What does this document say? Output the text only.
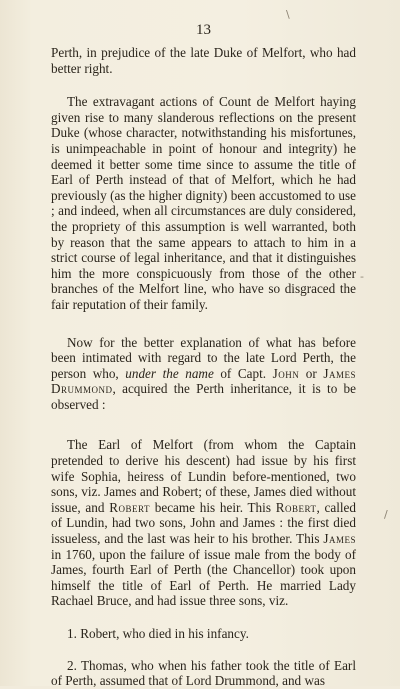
\
-
/
13

Perth, in prejudice of the late Duke of Melfort, who had better right.

The extravagant actions of Count de Melfort haying given rise to many slanderous reflections on the present Duke (whose character, notwithstanding his misfortunes, is unimpeachable in point of honour and integrity) he deemed it better some time since to assume the title of Earl of Perth instead of that of Melfort, which he had previously (as the higher dignity) been accustomed to use ; and indeed, when all circumstances are duly considered, the propriety of this assumption is well warranted, both by reason that the same appears to attach to him in a strict course of legal inheritance, and that it distinguishes him the more conspicuously from those of the other branches of the Melfort line, who have so disgraced the fair reputation of their family.

Now for the better explanation of what has before been intimated with regard to the late Lord Perth, the person who, under the name of Capt. John or James Drummond, acquired the Perth inheritance, it is to be observed :

The Earl of Melfort (from whom the Captain pretended to derive his descent) had issue by his first wife Sophia, heiress of Lundin before-mentioned, two sons, viz. James and Robert; of these, James died without issue, and Robert became his heir. This Robert, called of Lundin, had two sons, John and James : the first died issueless, and the last was heir to his brother. This James in 1760, upon the failure of issue male from the body of James, fourth Earl of Perth (the Chancellor) took upon himself the title of Earl of Perth. He married Lady Rachael Bruce, and had issue three sons, viz.

1. Robert, who died in his infancy.

2. Thomas, who when his father took the title of Earl of Perth, assumed that of Lord Drummond, and was
